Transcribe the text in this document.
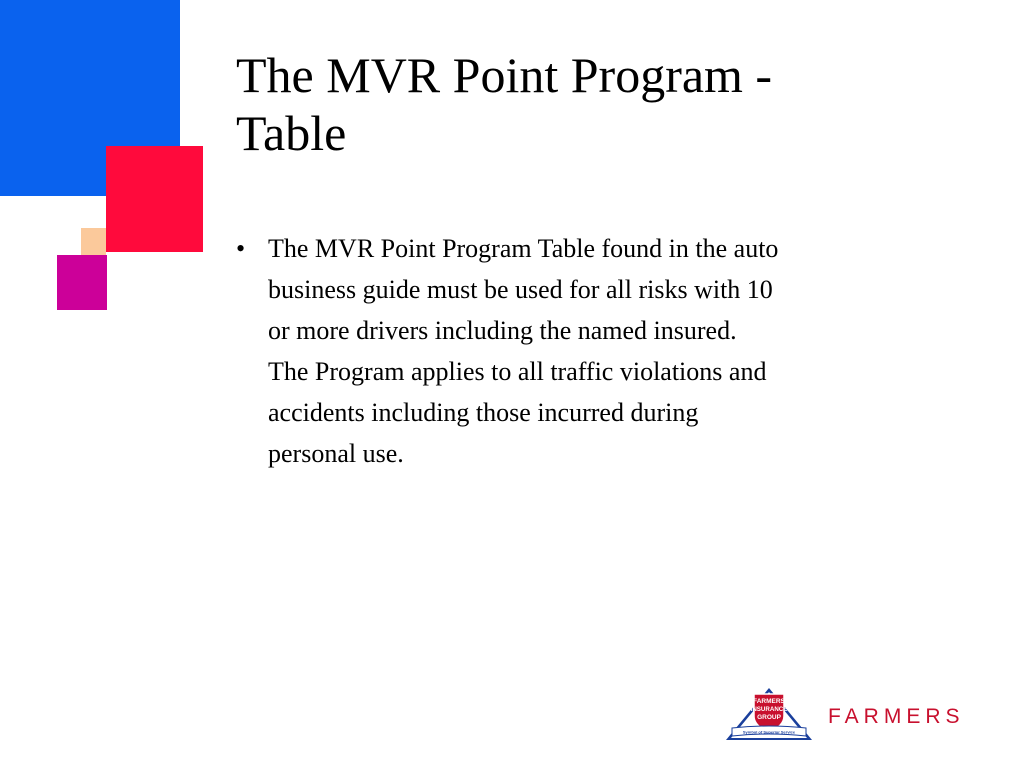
The MVR Point Program -
Table
• The MVR Point Program Table found in the auto
business guide must be used for all risks with 10
or more drivers including the named insured.
The Program applies to all traffic violations and
accidents including those incurred during
personal use.
FARMERS
INSURANCE
GROUP
Symbol of Superior Service
FARMERS
